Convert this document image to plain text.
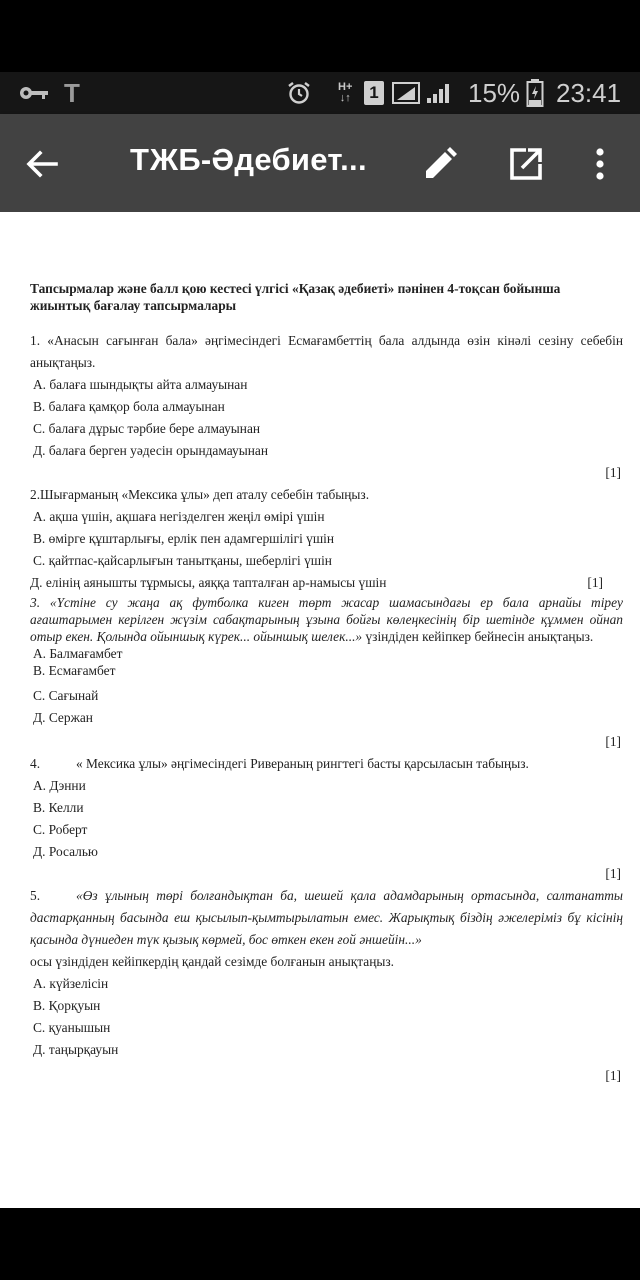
T	H+
↓↑	1	15% 23:41
ТЖБ-Әдебиет...
Тапсырмалар және балл қою кестесі үлгісі «Қазақ әдебиеті» пәнінен 4-тоқсан бойынша жиынтық бағалау тапсырмалары
1. «Анасын сағынған бала» әңгімесіндегі Есмағамбеттің бала алдында өзін кінәлі сезіну себебін анықтаңыз.
А. балаға шындықты айта алмауынан
В. балаға қамқор бола алмауынан
С. балаға дұрыс тәрбие бере алмауынан
Д. балаға берген уәдесін орындамауынан
[1]
2.Шығарманың «Мексика ұлы» деп аталу себебін табыңыз.
А. ақша үшін, ақшаға негізделген жеңіл өмірі үшін
В. өмірге құштарлығы, ерлік пен адамгершілігі үшін
С. қайтпас-қайсарлығын танытқаны, шеберлігі үшін
Д. елінің аянышты тұрмысы, аяққа тапталған ар-намысы үшін	[1]
3. «Үстіне су жаңа ақ футболка киген төрт жасар шамасындағы ер бала арнайы тіреу ағаштарымен керілген жүзім сабақтарының ұзына бойғы көлеңкесінің бір шетінде құммен ойнап отыр екен. Қолында ойыншық күрек... ойыншық шелек...» үзіндіден кейіпкер бейнесін анықтаңыз.
А. Балмағамбет
В. Есмағамбет
С. Сағынай
Д. Сержан
[1]
4.	« Мексика ұлы» әңгімесіндегі Ривераның рингтегі басты қарсыласын табыңыз.
А. Дэнни
В. Келли
С. Роберт
Д. Росалью
[1]
5.	«Өз ұлының төрі болғандықтан ба, шешей қала адамдарының ортасында, салтанатты дастарқанның басында еш қысылып-қымтырылатын емес. Жарықтық біздің әжелеріміз бұ кісінің қасында дүниеден түк қызық көрмей, бос өткен екен ғой әншейін...»
осы үзіндіден кейіпкердің қандай сезімде болғанын анықтаңыз.
А. күйзелісін
В. Қорқуын
С. қуанышын
Д. таңырқауын
[1]
